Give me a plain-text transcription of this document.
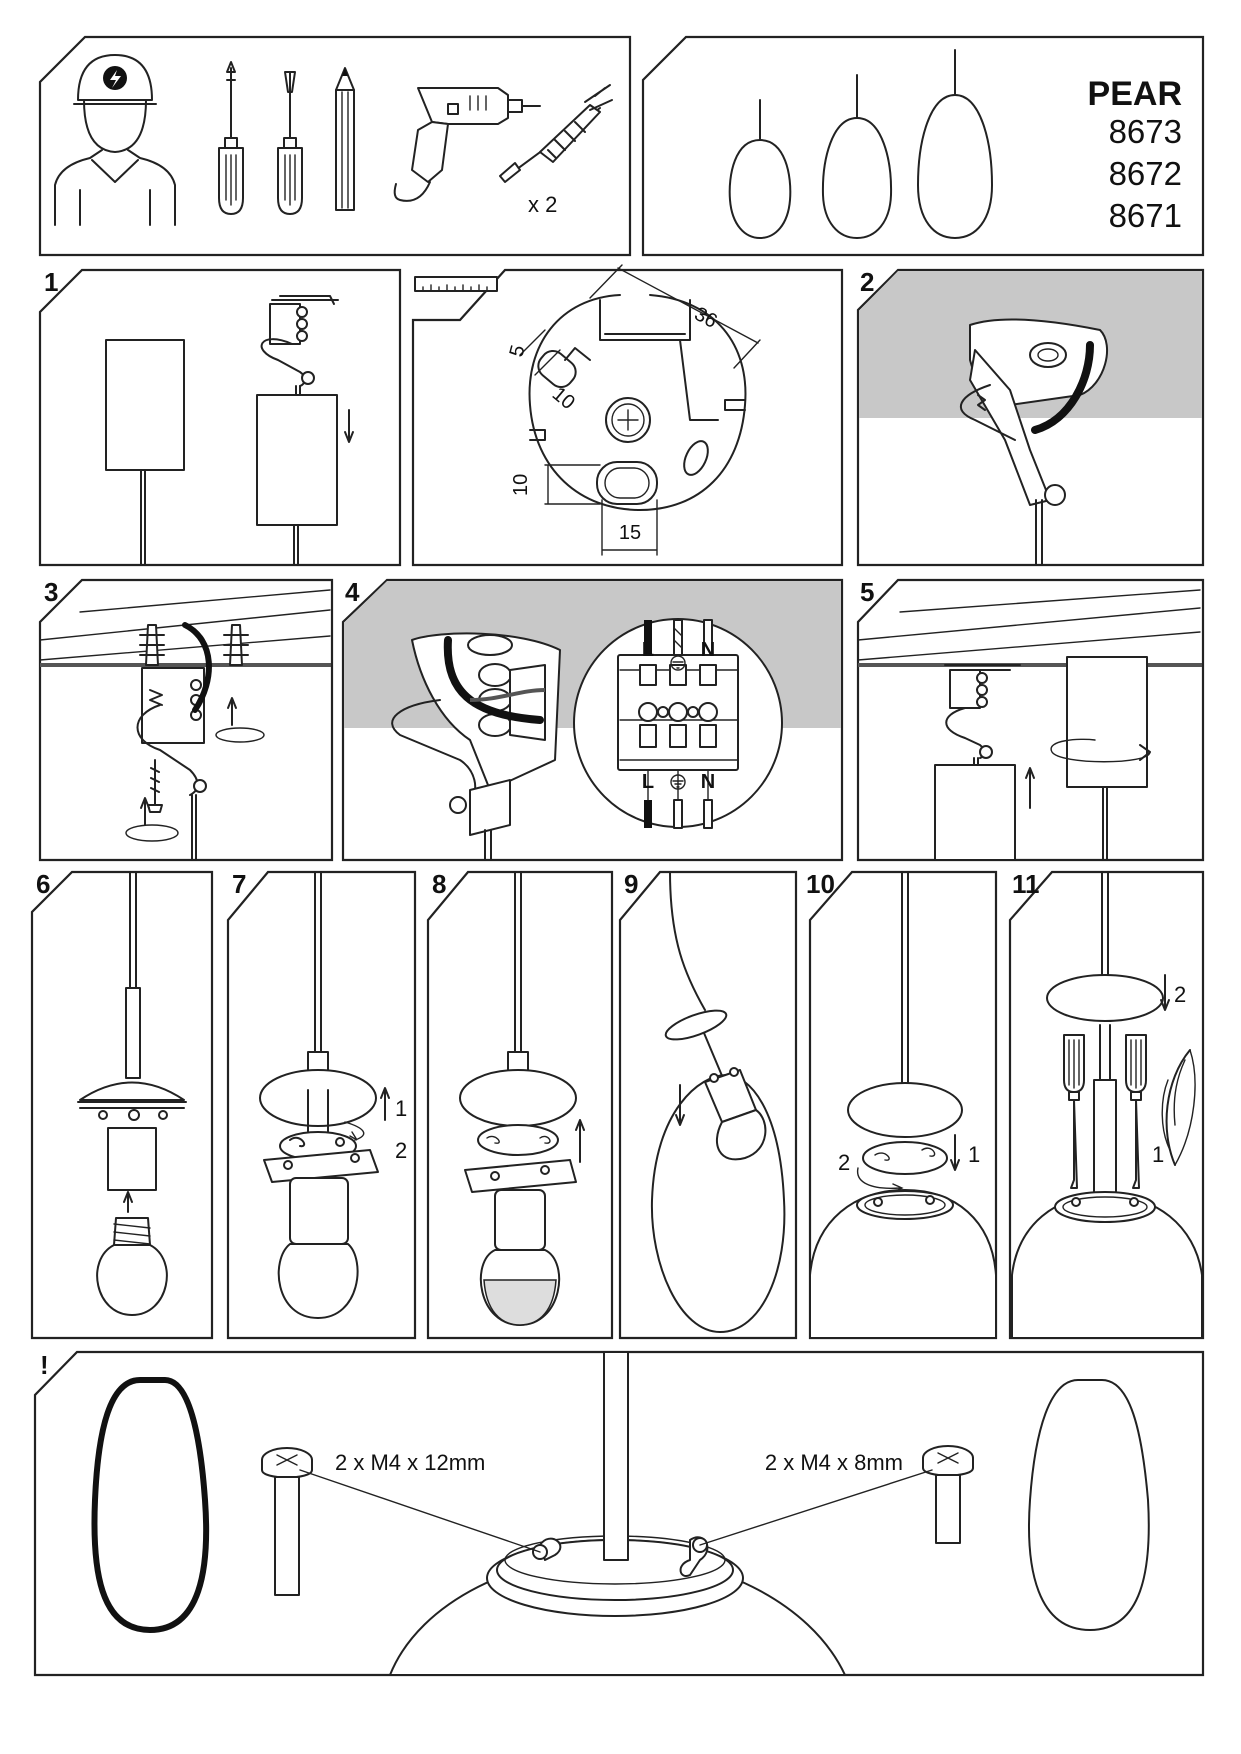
x 2
PEAR
8673
8672
8671
1
36
5
10
10
15
2
3	4
L N
L N
5
6	7
1
2
8	9	10
1
2
11
2
1
!
2 x M4 x 12mm	2 x M4 x 8mm
